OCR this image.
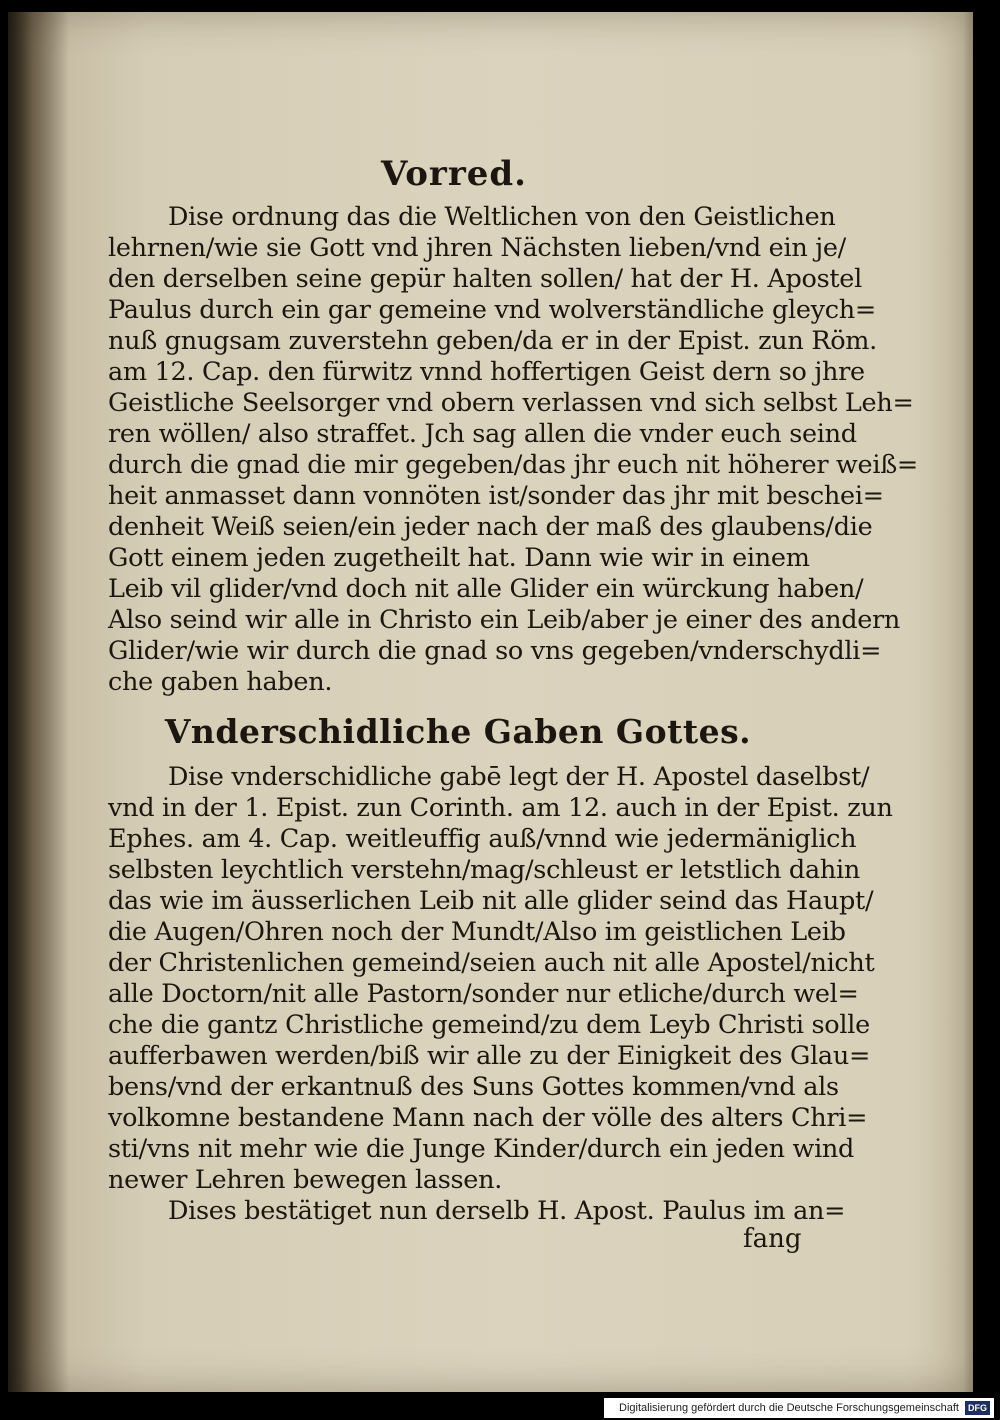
Vorred.
Dise ordnung das die Weltlichen von den Geistlichen
lehrnen/wie sie Gott vnd jhren Nächsten lieben/vnd ein je/
den derselben seine gepür halten sollen/ hat der H. Apostel
Paulus durch ein gar gemeine vnd wolverständliche gleych=
nuß gnugsam zuverstehn geben/da er in der Epist. zun Röm.
am 12. Cap. den fürwitz vnnd hoffertigen Geist dern so jhre
Geistliche Seelsorger vnd obern verlassen vnd sich selbst Leh=
ren wöllen/ also straffet. Jch sag allen die vnder euch seind
durch die gnad die mir gegeben/das jhr euch nit höherer weiß=
heit anmasset dann vonnöten ist/sonder das jhr mit beschei=
denheit Weiß seien/ein jeder nach der maß des glaubens/die
Gott einem jeden zugetheilt hat. Dann wie wir in einem
Leib vil glider/vnd doch nit alle Glider ein würckung haben/
Also seind wir alle in Christo ein Leib/aber je einer des andern
Glider/wie wir durch die gnad so vns gegeben/vnderschydli=
che gaben haben.
Vnderschidliche Gaben Gottes.
Dise vnderschidliche gabē legt der H. Apostel daselbst/
vnd in der 1. Epist. zun Corinth. am 12. auch in der Epist. zun
Ephes. am 4. Cap. weitleuffig auß/vnnd wie jedermäniglich
selbsten leychtlich verstehn/mag/schleust er letstlich dahin
das wie im äusserlichen Leib nit alle glider seind das Haupt/
die Augen/Ohren noch der Mundt/Also im geistlichen Leib
der Christenlichen gemeind/seien auch nit alle Apostel/nicht
alle Doctorn/nit alle Pastorn/sonder nur etliche/durch wel=
che die gantz Christliche gemeind/zu dem Leyb Christi solle
aufferbawen werden/biß wir alle zu der Einigkeit des Glau=
bens/vnd der erkantnuß des Suns Gottes kommen/vnd als
volkomne bestandene Mann nach der völle des alters Chri=
sti/vns nit mehr wie die Junge Kinder/durch ein jeden wind
newer Lehren bewegen lassen.
Dises bestätiget nun derselb H. Apost. Paulus im an=
fang
Digitalisierung gefördert durch die Deutsche Forschungsgemeinschaft	DFG
